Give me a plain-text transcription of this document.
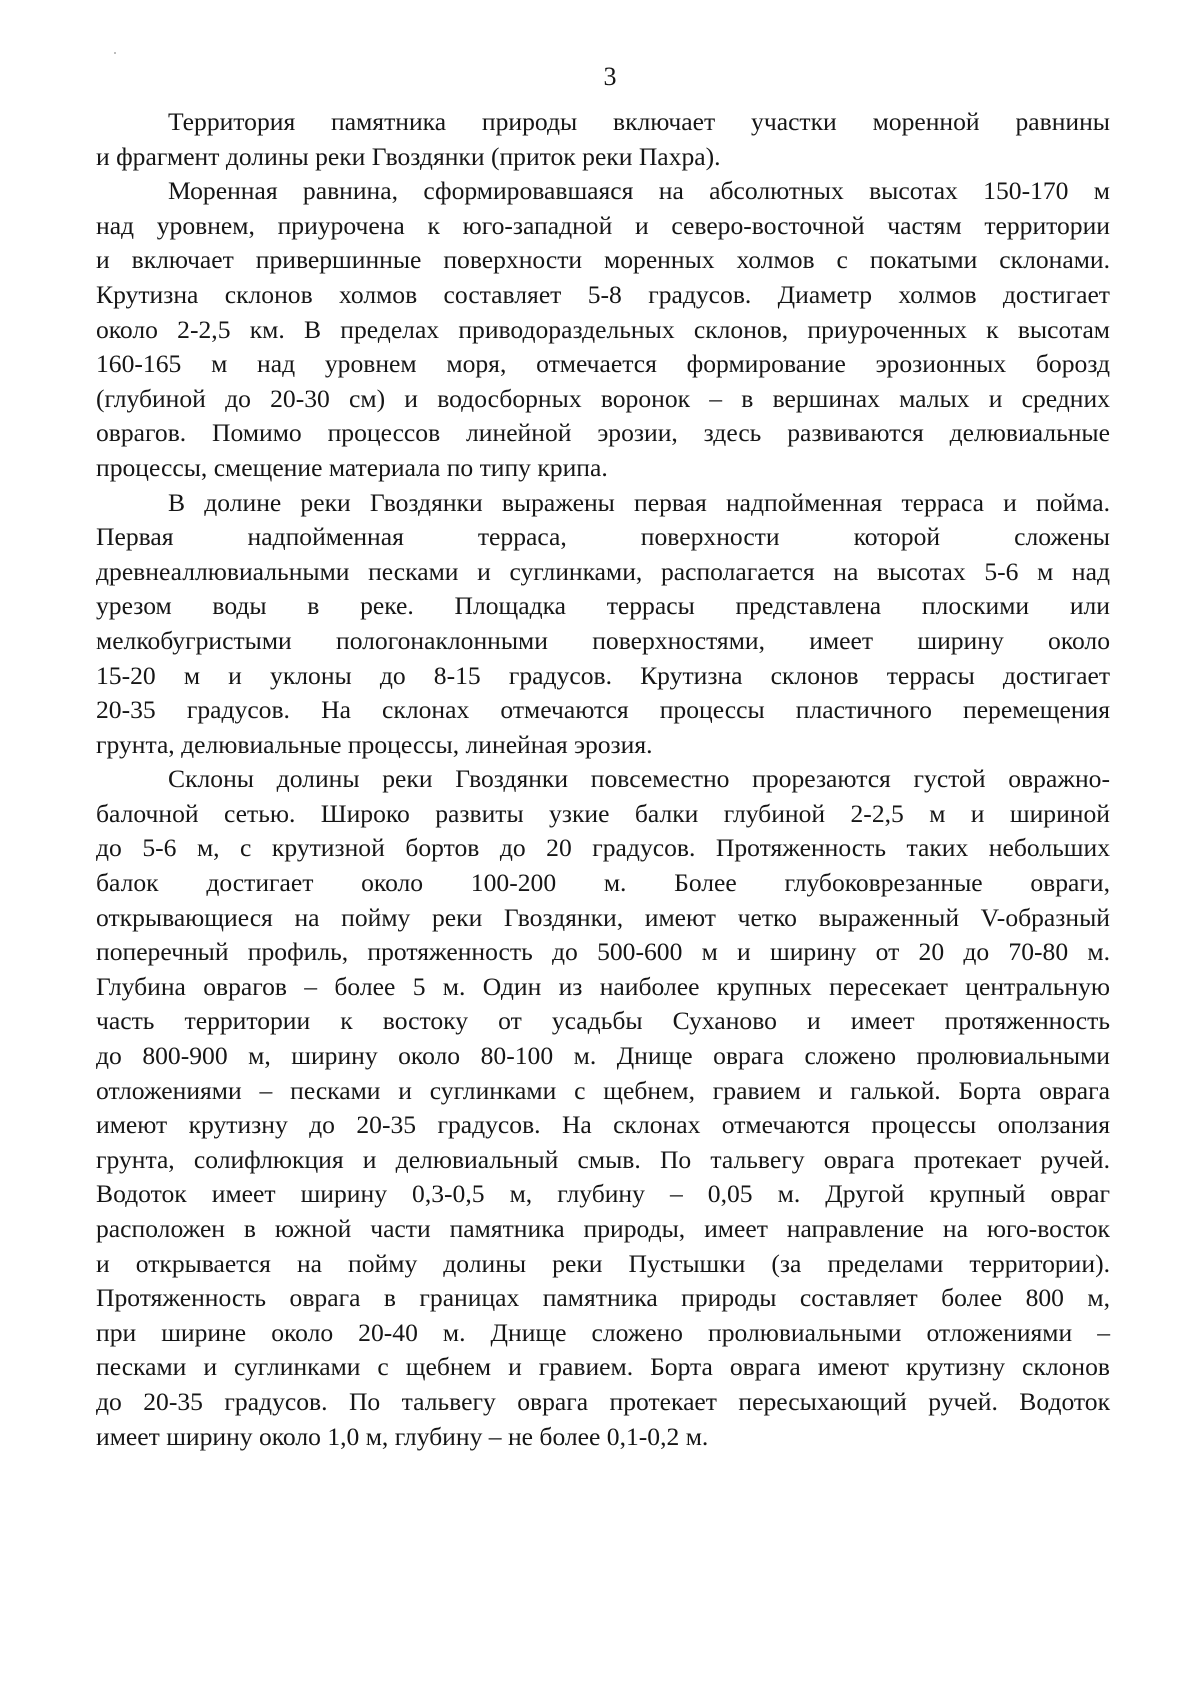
3

Территория памятника природы включает участки моренной равнины
и фрагмент долины реки Гвоздянки (приток реки Пахра).

Моренная равнина, сформировавшаяся на абсолютных высотах 150-170 м
над уровнем, приурочена к юго-западной и северо-восточной частям территории
и включает привершинные поверхности моренных холмов с покатыми склонами.
Крутизна склонов холмов составляет 5-8 градусов. Диаметр холмов достигает
около 2-2,5 км. В пределах приводораздельных склонов, приуроченных к высотам
160-165 м над уровнем моря, отмечается формирование эрозионных борозд
(глубиной до 20-30 см) и водосборных воронок – в вершинах малых и средних
оврагов. Помимо процессов линейной эрозии, здесь развиваются делювиальные
процессы, смещение материала по типу крипа.

В долине реки Гвоздянки выражены первая надпойменная терраса и пойма.
Первая надпойменная терраса, поверхности которой сложены
древнеаллювиальными песками и суглинками, располагается на высотах 5-6 м над
урезом воды в реке. Площадка террасы представлена плоскими или
мелкобугристыми пологонаклонными поверхностями, имеет ширину около
15-20 м и уклоны до 8-15 градусов. Крутизна склонов террасы достигает
20-35 градусов. На склонах отмечаются процессы пластичного перемещения
грунта, делювиальные процессы, линейная эрозия.

Склоны долины реки Гвоздянки повсеместно прорезаются густой овражно-
балочной сетью. Широко развиты узкие балки глубиной 2-2,5 м и шириной
до 5-6 м, с крутизной бортов до 20 градусов. Протяженность таких небольших
балок достигает около 100-200 м. Более глубоковрезанные овраги,
открывающиеся на пойму реки Гвоздянки, имеют четко выраженный V-образный
поперечный профиль, протяженность до 500-600 м и ширину от 20 до 70-80 м.
Глубина оврагов – более 5 м. Один из наиболее крупных пересекает центральную
часть территории к востоку от усадьбы Суханово и имеет протяженность
до 800-900 м, ширину около 80-100 м. Днище оврага сложено пролювиальными
отложениями – песками и суглинками с щебнем, гравием и галькой. Борта оврага
имеют крутизну до 20-35 градусов. На склонах отмечаются процессы оползания
грунта, солифлюкция и делювиальный смыв. По тальвегу оврага протекает ручей.
Водоток имеет ширину 0,3-0,5 м, глубину – 0,05 м. Другой крупный овраг
расположен в южной части памятника природы, имеет направление на юго-восток
и открывается на пойму долины реки Пустышки (за пределами территории).
Протяженность оврага в границах памятника природы составляет более 800 м,
при ширине около 20-40 м. Днище сложено пролювиальными отложениями –
песками и суглинками с щебнем и гравием. Борта оврага имеют крутизну склонов
до 20-35 градусов. По тальвегу оврага протекает пересыхающий ручей. Водоток
имеет ширину около 1,0 м, глубину – не более 0,1-0,2 м.
